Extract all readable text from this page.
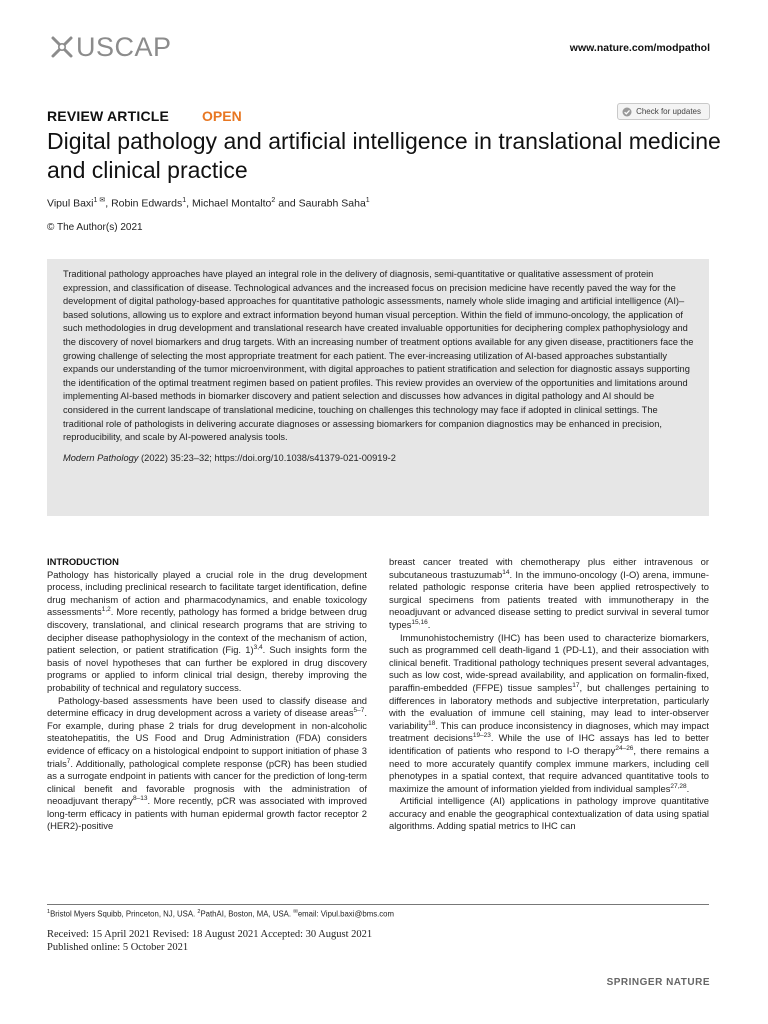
USCAP	www.nature.com/modpathol
REVIEW ARTICLE OPEN	Check for updates
Digital pathology and artificial intelligence in translational medicine and clinical practice
Vipul Baxi$^{1 ✉}$, Robin Edwards$^1$, Michael Montalto$^2$ and Saurabh Saha$^1$
© The Author(s) 2021

Traditional pathology approaches have played an integral role in the delivery of diagnosis, semi-quantitative or qualitative assessment of protein expression, and classification of disease. Technological advances and the increased focus on precision medicine have recently paved the way for the development of digital pathology-based approaches for quantitative pathologic assessments, namely whole slide imaging and artificial intelligence (AI)–based solutions, allowing us to explore and extract information beyond human visual perception. Within the field of immuno-oncology, the application of such methodologies in drug development and translational research have created invaluable opportunities for deciphering complex pathophysiology and the discovery of novel biomarkers and drug targets. With an increasing number of treatment options available for any given disease, practitioners face the growing challenge of selecting the most appropriate treatment for each patient. The ever-increasing utilization of AI-based approaches substantially expands our understanding of the tumor microenvironment, with digital approaches to patient stratification and selection for diagnostic assays supporting the identification of the optimal treatment regimen based on patient profiles. This review provides an overview of the opportunities and limitations around implementing AI-based methods in biomarker discovery and patient selection and discusses how advances in digital pathology and AI should be considered in the current landscape of translational medicine, touching on challenges this technology may face if adopted in clinical settings. The traditional role of pathologists in delivering accurate diagnoses or assessing biomarkers for companion diagnostics may be enhanced in precision, reproducibility, and scale by AI-powered analysis tools.

Modern Pathology (2022) 35:23–32; https://doi.org/10.1038/s41379-021-00919-2
INTRODUCTION

Pathology has historically played a crucial role in the drug development process, including preclinical research to facilitate target identification, define drug mechanism of action and pharmacodynamics, and enable toxicology assessments$^{1,2}$. More recently, pathology has formed a bridge between drug discovery, translational, and clinical research programs that are striving to decipher disease pathophysiology in the context of the mechanism of action, patient selection, or patient stratification (Fig. 1)$^{3,4}$. Such insights form the basis of novel hypotheses that can further be explored in drug discovery programs or applied to inform clinical trial design, thereby improving the probability of technical and regulatory success.

Pathology-based assessments have been used to classify disease and determine efficacy in drug development across a variety of disease areas$^{5-7}$. For example, during phase 2 trials for drug development in non-alcoholic steatohepatitis, the US Food and Drug Administration (FDA) considers evidence of efficacy on a histological endpoint to support initiation of phase 3 trials$^7$. Additionally, pathological complete response (pCR) has been studied as a surrogate endpoint in patients with cancer for the prediction of long-term clinical benefit and favorable prognosis with the administration of neoadjuvant therapy$^{8-13}$. More recently, pCR was associated with improved long-term efficacy in patients with human epidermal growth factor receptor 2 (HER2)-positive

breast cancer treated with chemotherapy plus either intravenous or subcutaneous trastuzumab$^{14}$. In the immuno-oncology (I-O) arena, immune-related pathologic response criteria have been applied retrospectively to surgical specimens from patients treated with immunotherapy in the neoadjuvant or advanced disease setting to predict survival in several tumor types$^{15,16}$.

Immunohistochemistry (IHC) has been used to characterize biomarkers, such as programmed cell death-ligand 1 (PD-L1), and their association with clinical benefit. Traditional pathology techniques present several advantages, such as low cost, wide-spread availability, and application on formalin-fixed, paraffin-embedded (FFPE) tissue samples$^{17}$, but challenges pertaining to differences in laboratory methods and subjective interpretation, particularly with the evaluation of immune cell staining, may lead to inter-observer variability$^{18}$. This can produce inconsistency in diagnoses, which may impact treatment decisions$^{19-23}$. While the use of IHC assays has led to better identification of patients who respond to I-O therapy$^{24-26}$, there remains a need to more accurately quantify complex immune markers, including cell phenotypes in a spatial context, that require advanced quantitative tools to maximize the amount of information yielded from individual samples$^{27,28}$.

Artificial intelligence (AI) applications in pathology improve quantitative accuracy and enable the geographical contextualization of data using spatial algorithms. Adding spatial metrics to IHC can

$^1$Bristol Myers Squibb, Princeton, NJ, USA. $^2$PathAI, Boston, MA, USA. ✉email: Vipul.baxi@bms.com
Received: 15 April 2021 Revised: 18 August 2021 Accepted: 30 August 2021
Published online: 5 October 2021
SPRINGER NATURE
